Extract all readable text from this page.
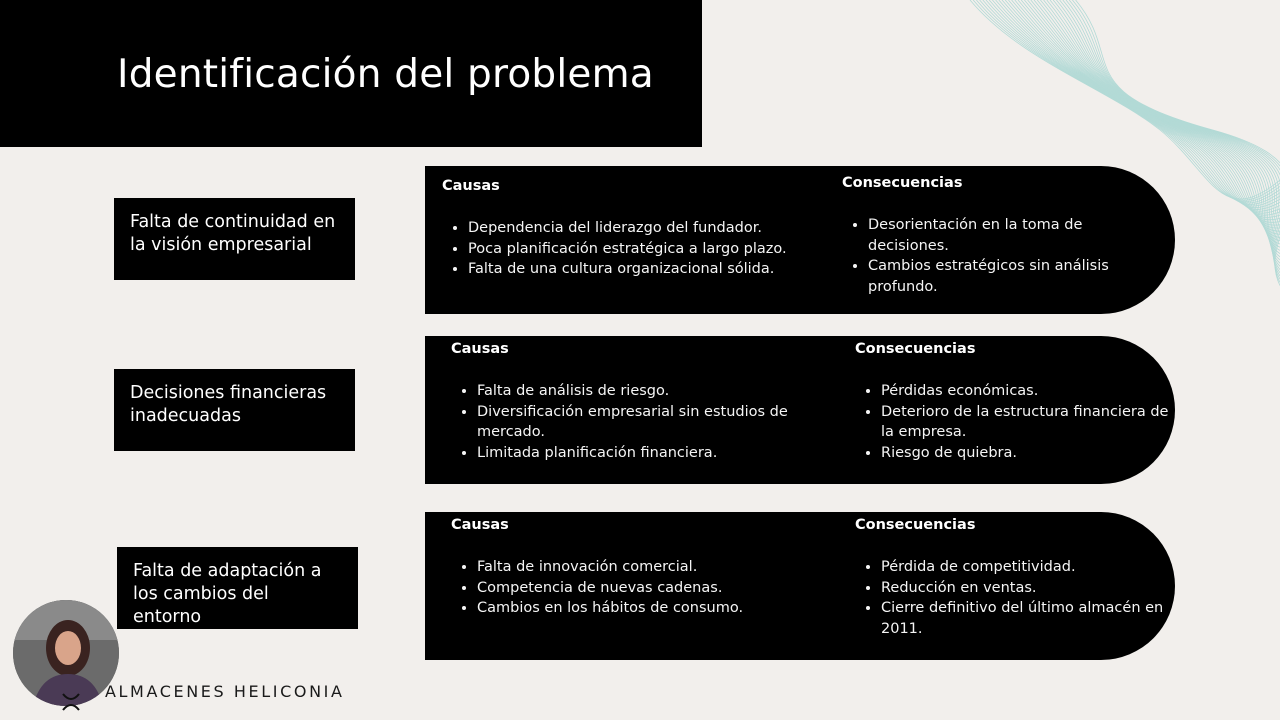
Identificación del problema
Falta de continuidad en la visión empresarial
Causas
• Dependencia del liderazgo del fundador.
• Poca planificación estratégica a largo plazo.
• Falta de una cultura organizacional sólida.
Consecuencias
• Desorientación en la toma de decisiones.
• Cambios estratégicos sin análisis profundo.
Decisiones financieras inadecuadas
Causas
• Falta de análisis de riesgo.
• Diversificación empresarial sin estudios de mercado.
• Limitada planificación financiera.
Consecuencias
• Pérdidas económicas.
• Deterioro de la estructura financiera de la empresa.
• Riesgo de quiebra.
Falta de adaptación a los cambios del entorno
Causas
• Falta de innovación comercial.
• Competencia de nuevas cadenas.
• Cambios en los hábitos de consumo.
Consecuencias
• Pérdida de competitividad.
• Reducción en ventas.
• Cierre definitivo del último almacén en 2011.
ALMACENES HELICONIA
